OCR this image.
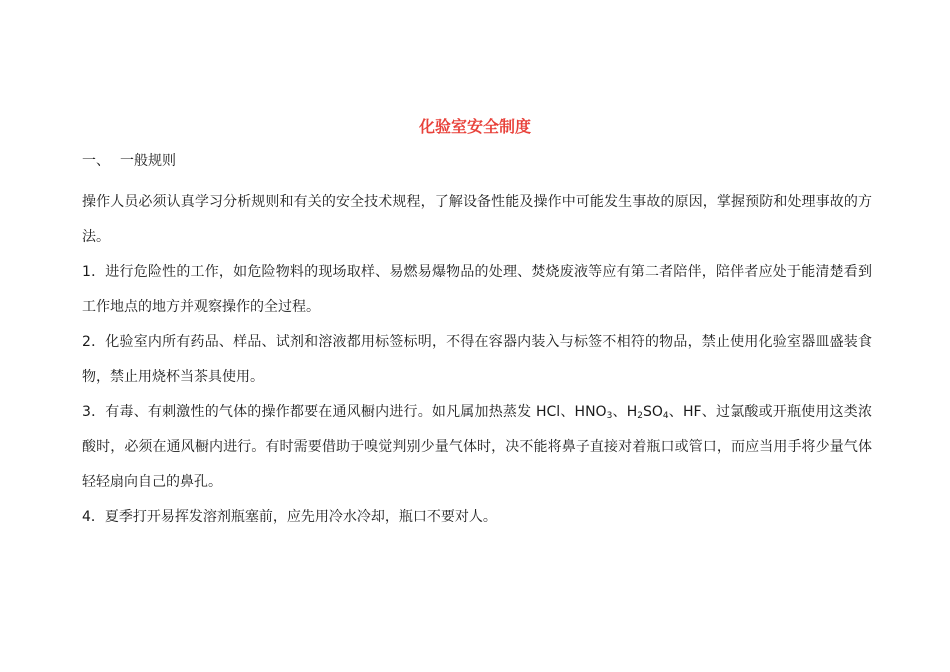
化验室安全制度
一、 一般规则

操作人员必须认真学习分析规则和有关的安全技术规程，了解设备性能及操作中可能发生事故的原因，掌握预防和处理事故的方法。

1．进行危险性的工作，如危险物料的现场取样、易燃易爆物品的处理、焚烧废液等应有第二者陪伴，陪伴者应处于能清楚看到工作地点的地方并观察操作的全过程。

2．化验室内所有药品、样品、试剂和溶液都用标签标明，不得在容器内装入与标签不相符的物品，禁止使用化验室器皿盛装食物，禁止用烧杯当茶具使用。

3．有毒、有刺激性的气体的操作都要在通风橱内进行。如凡属加热蒸发 HCl、$HNO_3$、$H_2SO_4$、HF、过氯酸或开瓶使用这类浓酸时，必须在通风橱内进行。有时需要借助于嗅觉判别少量气体时，决不能将鼻子直接对着瓶口或管口，而应当用手将少量气体轻轻扇向自己的鼻孔。

4．夏季打开易挥发溶剂瓶塞前，应先用冷水冷却，瓶口不要对人。
